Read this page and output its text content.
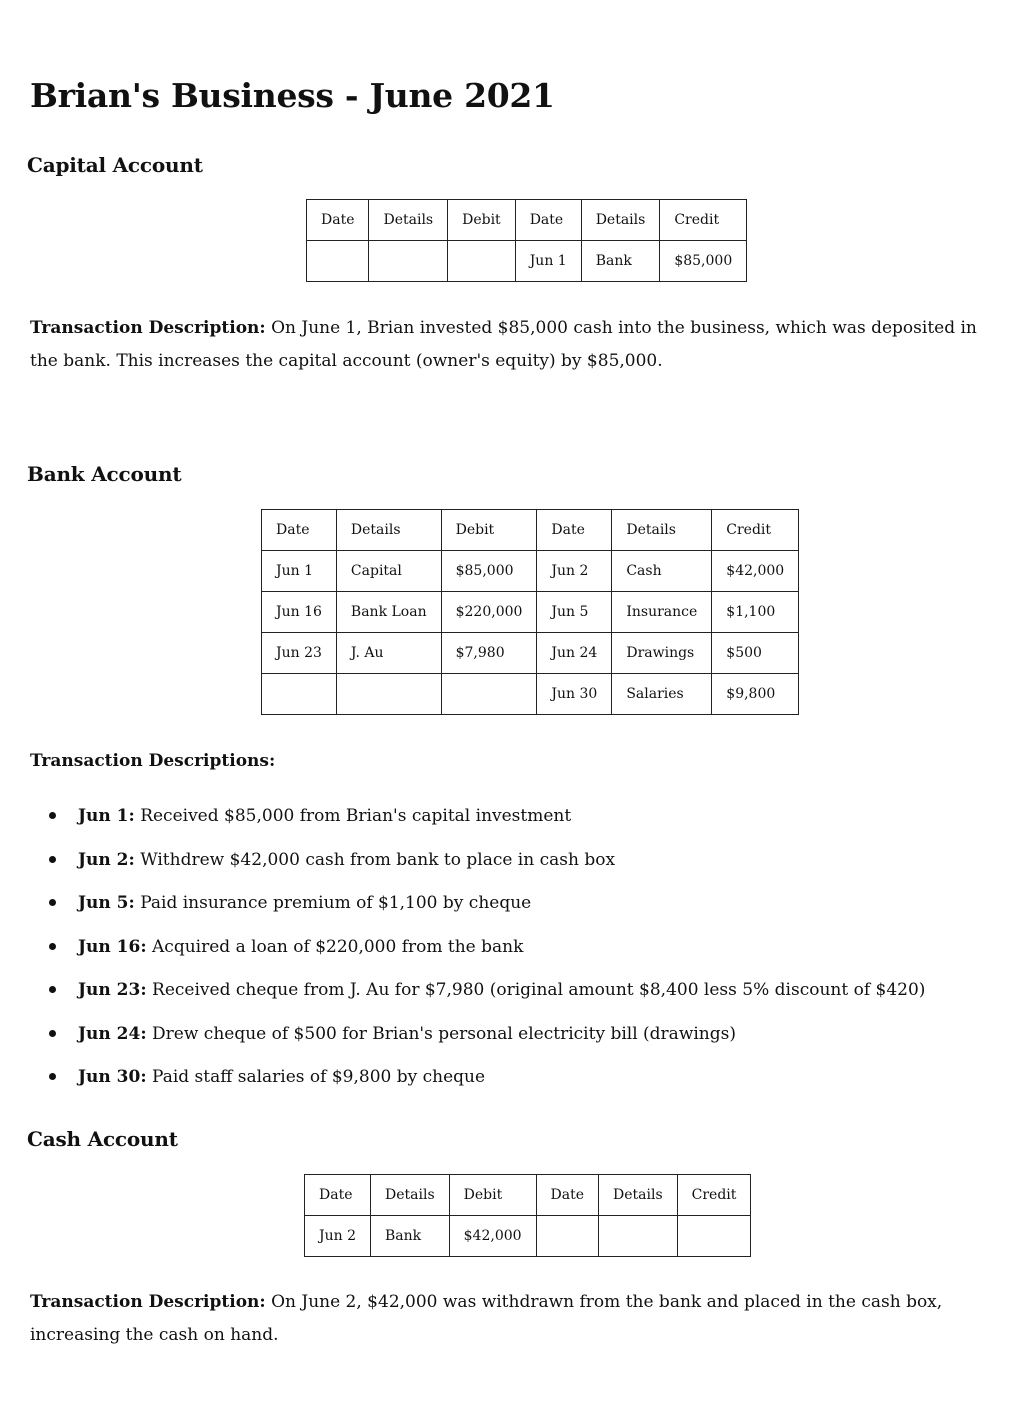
Brian's Business - June 2021
Capital Account
Date	Details	Debit	Date	Details	Credit
			Jun 1	Bank	$85,000

Transaction Description: On June 1, Brian invested $85,000 cash into the business, which was deposited in the bank. This increases the capital account (owner's equity) by $85,000.

Bank Account
Date	Details	Debit	Date	Details	Credit
Jun 1	Capital	$85,000	Jun 2	Cash	$42,000
Jun 16	Bank Loan	$220,000	Jun 5	Insurance	$1,100
Jun 23	J. Au	$7,980	Jun 24	Drawings	$500
			Jun 30	Salaries	$9,800
Transaction Descriptions:
Jun 1: Received $85,000 from Brian's capital investment
Jun 2: Withdrew $42,000 cash from bank to place in cash box
Jun 5: Paid insurance premium of $1,100 by cheque
Jun 16: Acquired a loan of $220,000 from the bank
Jun 23: Received cheque from J. Au for $7,980 (original amount $8,400 less 5% discount of $420)
Jun 24: Drew cheque of $500 for Brian's personal electricity bill (drawings)
Jun 30: Paid staff salaries of $9,800 by cheque
Cash Account
Date	Details	Debit	Date	Details	Credit
Jun 2	Bank	$42,000			

Transaction Description: On June 2, $42,000 was withdrawn from the bank and placed in the cash box, increasing the cash on hand.
